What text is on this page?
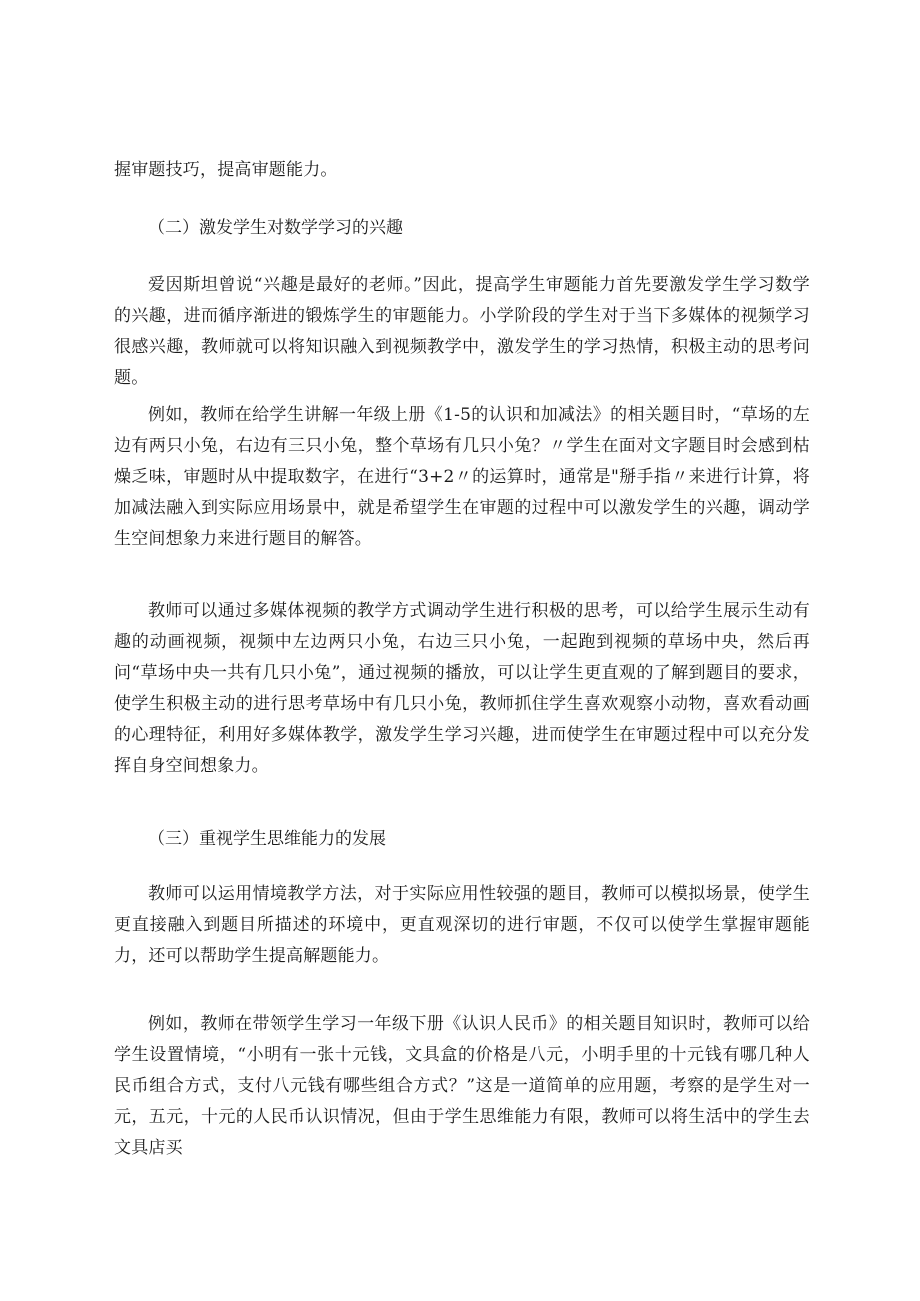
握审题技巧，提高审题能力。

（二）激发学生对数学学习的兴趣

爱因斯坦曾说“兴趣是最好的老师。”因此，提高学生审题能力首先要激发学生学习数学的兴趣，进而循序渐进的锻炼学生的审题能力。小学阶段的学生对于当下多媒体的视频学习很感兴趣，教师就可以将知识融入到视频教学中，激发学生的学习热情，积极主动的思考问题。

例如，教师在给学生讲解一年级上册《1-5的认识和加减法》的相关题目时，“草场的左边有两只小兔，右边有三只小兔，整个草场有几只小兔？〃学生在面对文字题目时会感到枯燥乏味，审题时从中提取数字，在进行“3+2〃的运算时，通常是"掰手指〃来进行计算，将加减法融入到实际应用场景中，就是希望学生在审题的过程中可以激发学生的兴趣，调动学生空间想象力来进行题目的解答。

教师可以通过多媒体视频的教学方式调动学生进行积极的思考，可以给学生展示生动有趣的动画视频，视频中左边两只小兔，右边三只小兔，一起跑到视频的草场中央，然后再问“草场中央一共有几只小兔”，通过视频的播放，可以让学生更直观的了解到题目的要求，使学生积极主动的进行思考草场中有几只小兔，教师抓住学生喜欢观察小动物，喜欢看动画的心理特征，利用好多媒体教学，激发学生学习兴趣，进而使学生在审题过程中可以充分发挥自身空间想象力。

（三）重视学生思维能力的发展

教师可以运用情境教学方法，对于实际应用性较强的题目，教师可以模拟场景，使学生更直接融入到题目所描述的环境中，更直观深切的进行审题，不仅可以使学生掌握审题能力，还可以帮助学生提高解题能力。

例如，教师在带领学生学习一年级下册《认识人民币》的相关题目知识时，教师可以给学生设置情境，“小明有一张十元钱，文具盒的价格是八元，小明手里的十元钱有哪几种人民币组合方式，支付八元钱有哪些组合方式？”这是一道简单的应用题，考察的是学生对一元，五元，十元的人民币认识情况，但由于学生思维能力有限，教师可以将生活中的学生去文具店买
